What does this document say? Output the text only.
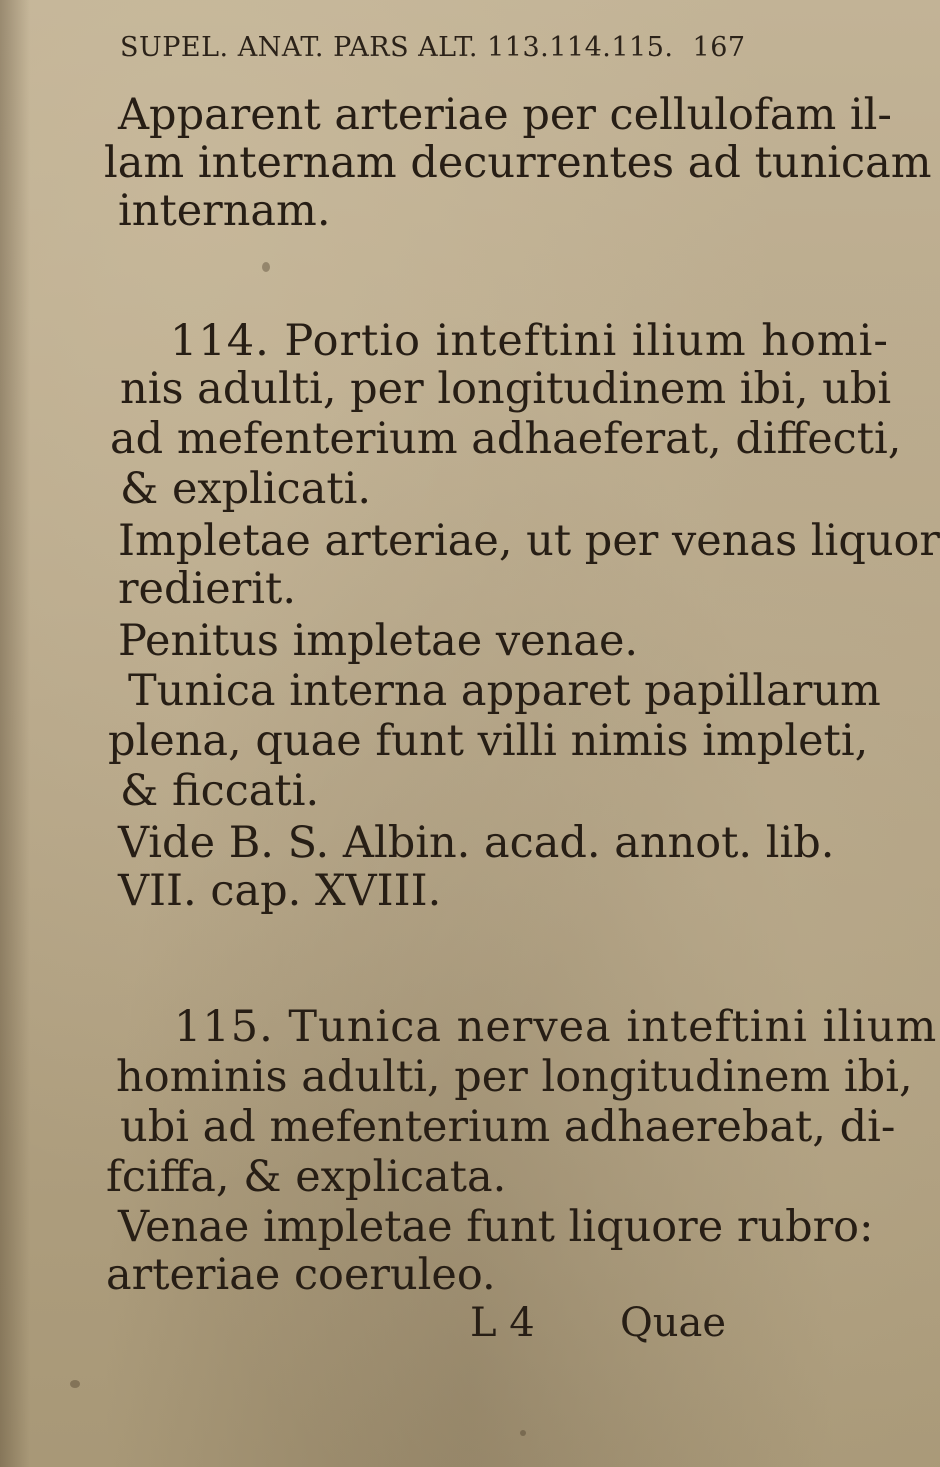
SUPEL. ANAT. PARS ALT. 113.114.115. 167
Apparent arteriae per cellulofam il-
lam internam decurrentes ad tunicam
internam.
114. Portio inteftini ilium homi-
nis adulti, per longitudinem ibi, ubi
ad mefenterium adhaeferat, diffecti,
& explicati.
Impletae arteriae, ut per venas liquor
redierit.
Penitus impletae venae.
Tunica interna apparet papillarum
plena, quae funt villi nimis impleti,
& ficcati.
Vide B. S. Albin. acad. annot. lib.
VII. cap. XVIII.
115. Tunica nervea inteftini ilium
hominis adulti, per longitudinem ibi,
ubi ad mefenterium adhaerebat, di-
fciffa, & explicata.
Venae impletae funt liquore rubro:
arteriae coeruleo.
L 4 Quae
